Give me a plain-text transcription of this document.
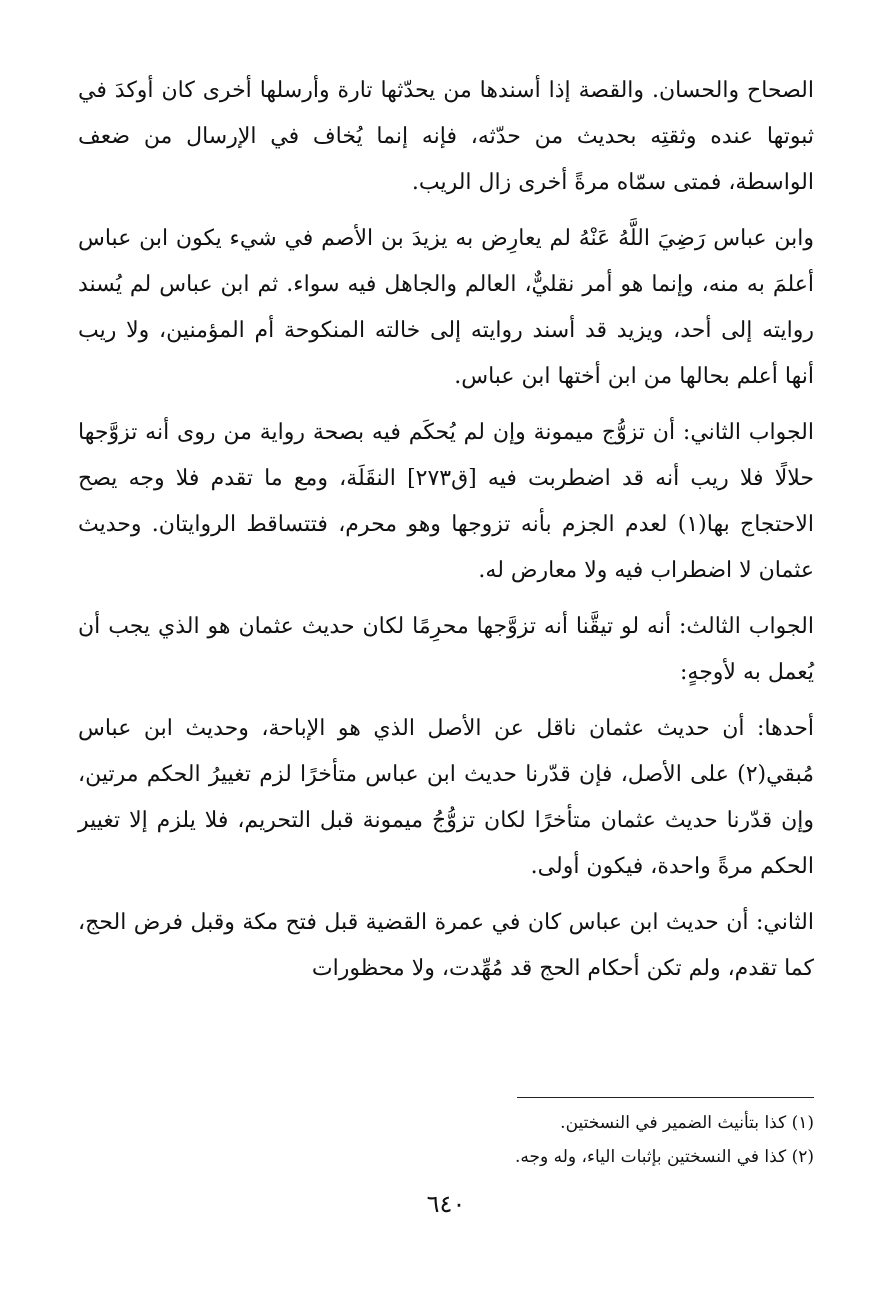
الصحاح والحسان. والقصة إذا أسندها من يحدّثها تارة وأرسلها أخرى كان أوكدَ في ثبوتها عنده وثقتِه بحديث من حدّثه، فإنه إنما يُخاف في الإرسال من ضعف الواسطة، فمتى سمّاه مرةً أخرى زال الريب.

وابن عباس رَضِيَ اللَّهُ عَنْهُ لم يعارِض به يزيدَ بن الأصم في شيء يكون ابن عباس أعلمَ به منه، وإنما هو أمر نقليٌّ، العالم والجاهل فيه سواء. ثم ابن عباس لم يُسند روايته إلى أحد، ويزيد قد أسند روايته إلى خالته المنكوحة أم المؤمنين، ولا ريب أنها أعلم بحالها من ابن أختها ابن عباس.

الجواب الثاني: أن تزوُّج ميمونة وإن لم يُحكَم فيه بصحة رواية من روى أنه تزوَّجها حلالًا فلا ريب أنه قد اضطربت فيه [ق٢٧٣] النقَلَة، ومع ما تقدم فلا وجه يصح الاحتجاج بها(١) لعدم الجزم بأنه تزوجها وهو محرم، فتتساقط الروايتان. وحديث عثمان لا اضطراب فيه ولا معارض له.

الجواب الثالث: أنه لو تيقَّنا أنه تزوَّجها محرِمًا لكان حديث عثمان هو الذي يجب أن يُعمل به لأوجهٍ:

أحدها: أن حديث عثمان ناقل عن الأصل الذي هو الإباحة، وحديث ابن عباس مُبقي(٢) على الأصل، فإن قدّرنا حديث ابن عباس متأخرًا لزم تغييرُ الحكم مرتين، وإن قدّرنا حديث عثمان متأخرًا لكان تزوُّجُ ميمونة قبل التحريم، فلا يلزم إلا تغيير الحكم مرةً واحدة، فيكون أولى.

الثاني: أن حديث ابن عباس كان في عمرة القضية قبل فتح مكة وقبل فرض الحج، كما تقدم، ولم تكن أحكام الحج قد مُهِّدت، ولا محظورات

(١) كذا بتأنيث الضمير في النسختين.

(٢) كذا في النسختين بإثبات الياء، وله وجه.

٦٤٠
